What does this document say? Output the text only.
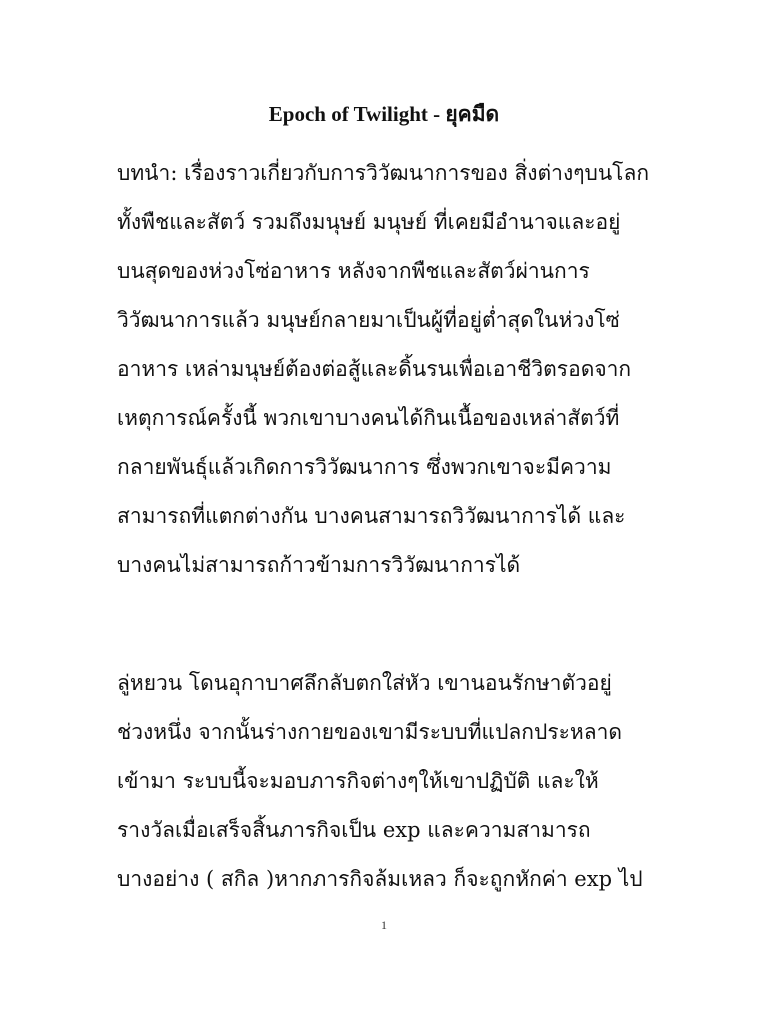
Epoch of Twilight - ยุคมืด
บทนำ: เรื่องราวเกี่ยวกับการวิวัฒนาการของ สิ่งต่างๆบนโลก
ทั้งพืชและสัตว์ รวมถึงมนุษย์ มนุษย์ ที่เคยมีอำนาจและอยู่
บนสุดของห่วงโซ่อาหาร หลังจากพืชและสัตว์ผ่านการ
วิวัฒนาการแล้ว มนุษย์กลายมาเป็นผู้ที่อยู่ต่ำสุดในห่วงโซ่
อาหาร เหล่ามนุษย์ต้องต่อสู้และดิ้นรนเพื่อเอาชีวิตรอดจาก
เหตุการณ์ครั้งนี้ พวกเขาบางคนได้กินเนื้อของเหล่าสัตว์ที่
กลายพันธุ์แล้วเกิดการวิวัฒนาการ ซึ่งพวกเขาจะมีความ
สามารถที่แตกต่างกัน บางคนสามารถวิวัฒนาการได้ และ
บางคนไม่สามารถก้าวข้ามการวิวัฒนาการได้
ลู่หยวน โดนอุกาบาศลึกลับตกใส่หัว เขานอนรักษาตัวอยู่
ช่วงหนึ่ง จากนั้นร่างกายของเขามีระบบที่แปลกประหลาด
เข้ามา ระบบนี้จะมอบภารกิจต่างๆให้เขาปฏิบัติ และให้
รางวัลเมื่อเสร็จสิ้นภารกิจเป็น exp และความสามารถ
บางอย่าง ( สกิล )หากภารกิจล้มเหลว ก็จะถูกหักค่า exp ไป
1
